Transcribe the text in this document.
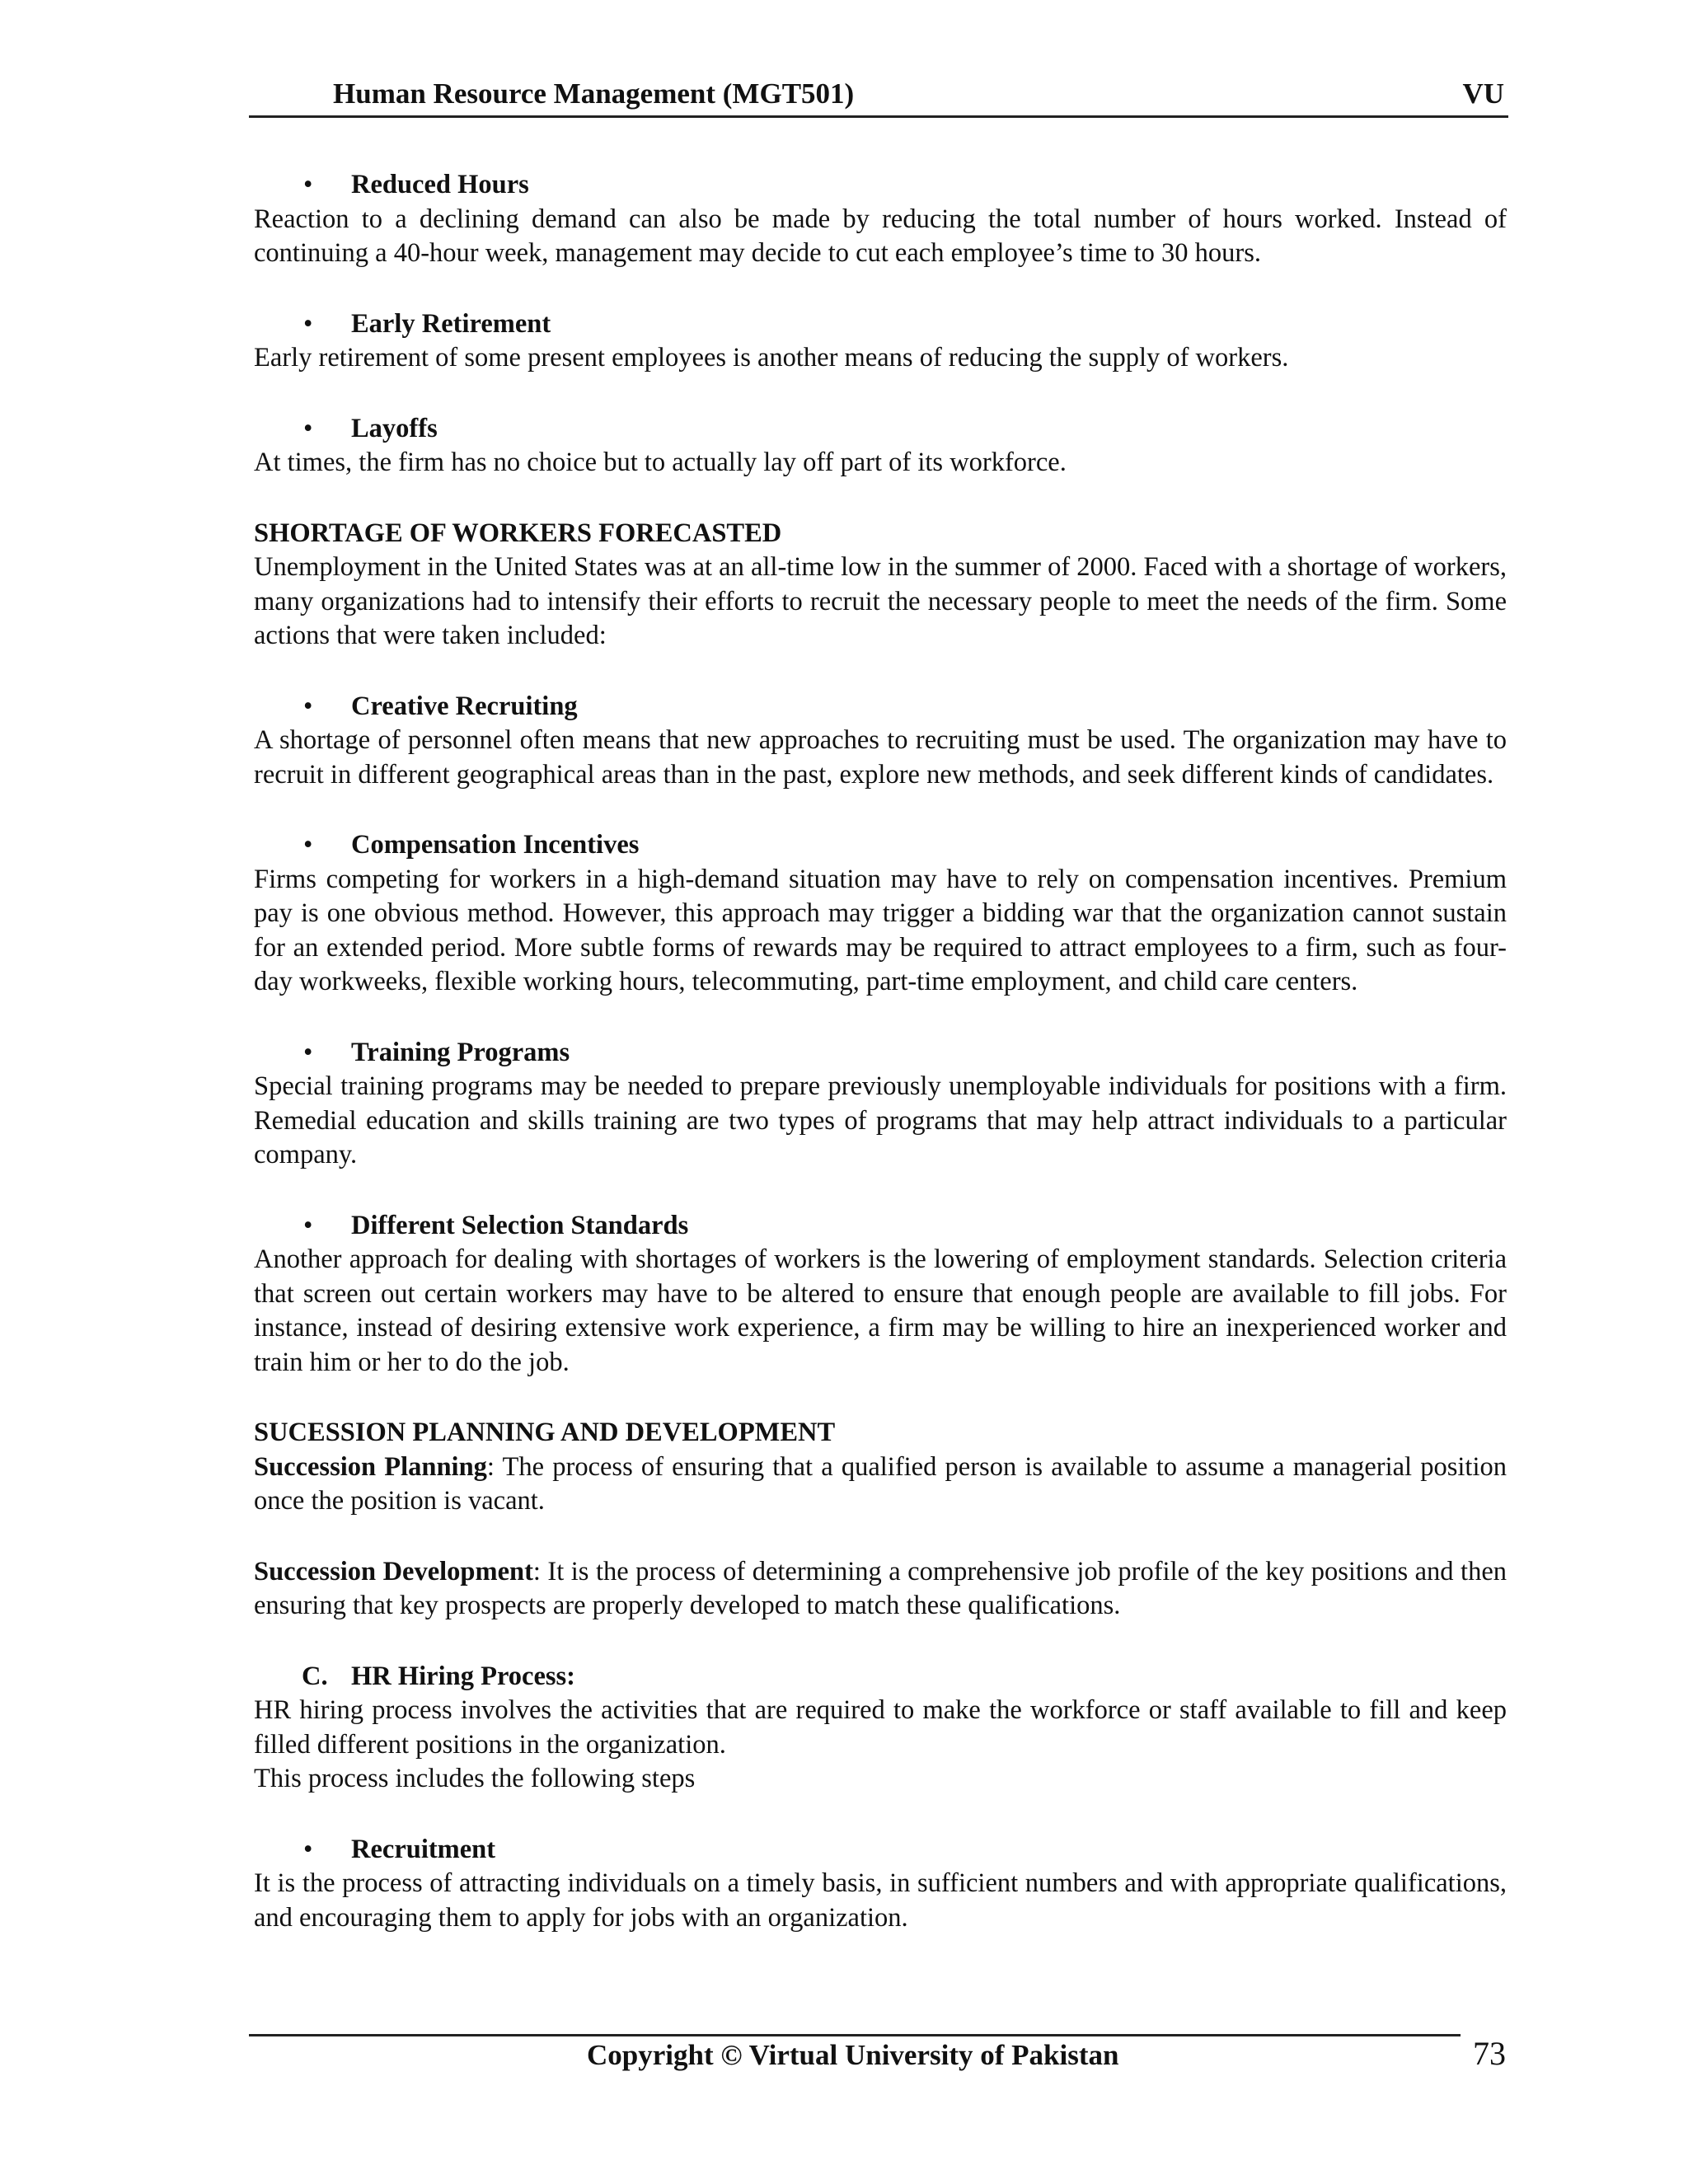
Human Resource Management (MGT501)	VU
• Reduced Hours

Reaction to a declining demand can also be made by reducing the total number of hours worked. Instead of continuing a 40-hour week, management may decide to cut each employee’s time to 30 hours.

• Early Retirement

Early retirement of some present employees is another means of reducing the supply of workers.

• Layoffs

At times, the firm has no choice but to actually lay off part of its workforce.

SHORTAGE OF WORKERS FORECASTED

Unemployment in the United States was at an all-time low in the summer of 2000. Faced with a shortage of workers, many organizations had to intensify their efforts to recruit the necessary people to meet the needs of the firm. Some actions that were taken included:

• Creative Recruiting

A shortage of personnel often means that new approaches to recruiting must be used. The organization may have to recruit in different geographical areas than in the past, explore new methods, and seek different kinds of candidates.

• Compensation Incentives

Firms competing for workers in a high-demand situation may have to rely on compensation incentives. Premium pay is one obvious method. However, this approach may trigger a bidding war that the organization cannot sustain for an extended period. More subtle forms of rewards may be required to attract employees to a firm, such as four-day workweeks, flexible working hours, telecommuting, part-time employment, and child care centers.

• Training Programs

Special training programs may be needed to prepare previously unemployable individuals for positions with a firm. Remedial education and skills training are two types of programs that may help attract individuals to a particular company.

• Different Selection Standards

Another approach for dealing with shortages of workers is the lowering of employment standards. Selection criteria that screen out certain workers may have to be altered to ensure that enough people are available to fill jobs. For instance, instead of desiring extensive work experience, a firm may be willing to hire an inexperienced worker and train him or her to do the job.

SUCESSION PLANNING AND DEVELOPMENT

Succession Planning: The process of ensuring that a qualified person is available to assume a managerial position once the position is vacant.

Succession Development: It is the process of determining a comprehensive job profile of the key positions and then ensuring that key prospects are properly developed to match these qualifications.

C. HR Hiring Process:

HR hiring process involves the activities that are required to make the workforce or staff available to fill and keep filled different positions in the organization.

This process includes the following steps

• Recruitment

It is the process of attracting individuals on a timely basis, in sufficient numbers and with appropriate qualifications, and encouraging them to apply for jobs with an organization.

Copyright © Virtual University of Pakistan	73
